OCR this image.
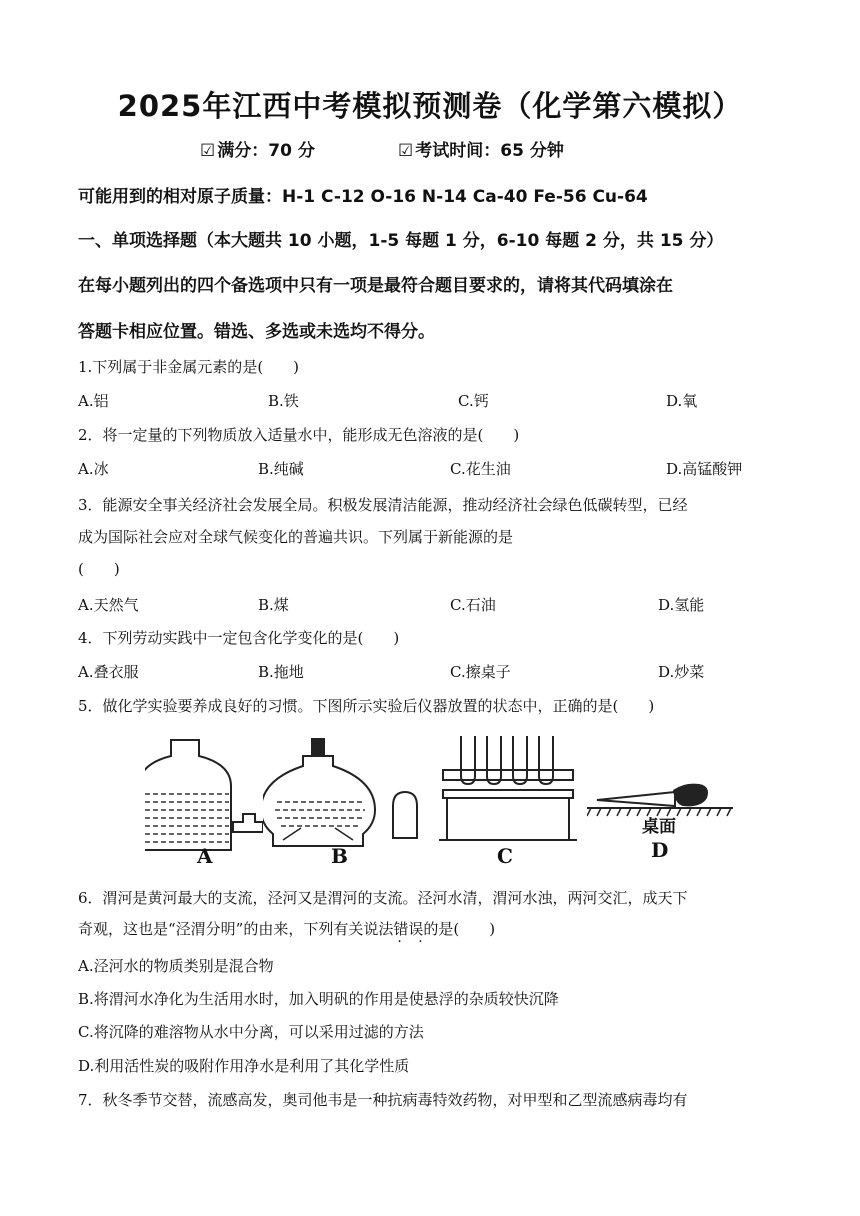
2025年江西中考模拟预测卷（化学第六模拟）
☑ 满分：70 分	☑ 考试时间：65 分钟
可能用到的相对原子质量：H-1 C-12 O-16 N-14 Ca-40 Fe-56 Cu-64
一、单项选择题（本大题共 10 小题，1-5 每题 1 分，6-10 每题 2 分，共 15 分）
在每小题列出的四个备选项中只有一项是最符合题目要求的，请将其代码填涂在
答题卡相应位置。错选、多选或未选均不得分。
1.下列属于非金属元素的是(　　)
A.铝	B.铁	C.钙	D.氧
2．将一定量的下列物质放入适量水中，能形成无色溶液的是(　　)
A.冰	B.纯碱	C.花生油	D.高锰酸钾
3．能源安全事关经济社会发展全局。积极发展清洁能源，推动经济社会绿色低碳转型，已经
成为国际社会应对全球气候变化的普遍共识。下列属于新能源的是
(　　)
A.天然气	B.煤	C.石油	D.氢能
4．下列劳动实践中一定包含化学变化的是(　　)
A.叠衣服	B.拖地	C.擦桌子	D.炒菜
5．做化学实验要养成良好的习惯。下图所示实验后仪器放置的状态中，正确的是(　　)
A	B	C
桌面
D
6．渭河是黄河最大的支流，泾河又是渭河的支流。泾河水清，渭河水浊，两河交汇，成天下
奇观，这也是“泾渭分明”的由来，下列有关说法错误 · ·的是(　　)
A.泾河水的物质类别是混合物
B.将渭河水净化为生活用水时，加入明矾的作用是使悬浮的杂质较快沉降
C.将沉降的难溶物从水中分离，可以采用过滤的方法
D.利用活性炭的吸附作用净水是利用了其化学性质
7．秋冬季节交替，流感高发，奥司他韦是一种抗病毒特效药物，对甲型和乙型流感病毒均有
